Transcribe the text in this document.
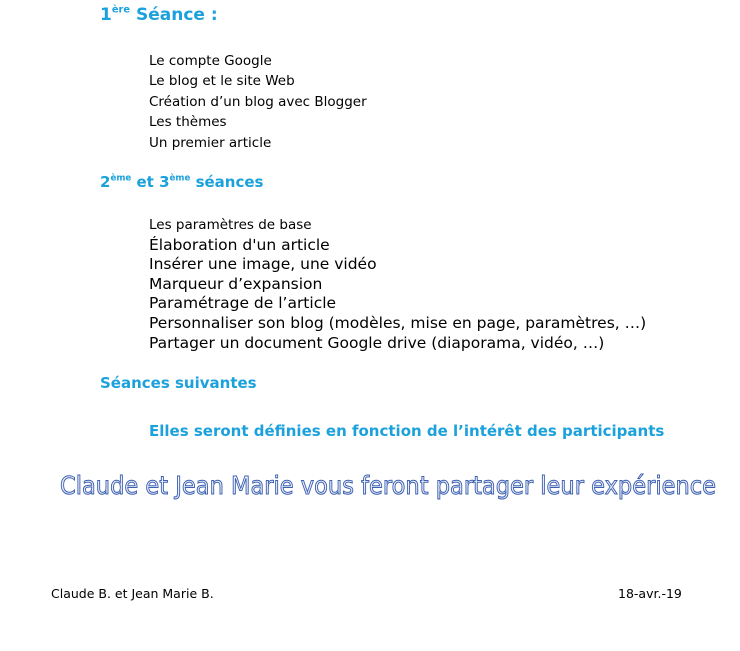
1ère Séance :
Le compte Google
Le blog et le site Web
Création d’un blog avec Blogger
Les thèmes
Un premier article
2ème et 3ème séances
Les paramètres de base
Élaboration d'un article
Insérer une image, une vidéo
Marqueur d’expansion
Paramétrage de l’article
Personnaliser son blog (modèles, mise en page, paramètres, …)
Partager un document Google drive (diaporama, vidéo, …)
Séances suivantes

Elles seront définies en fonction de l’intérêt des participants

Claude et Jean Marie vous feront partager leur expérience
Claude B. et Jean Marie B.	18-avr.-19
